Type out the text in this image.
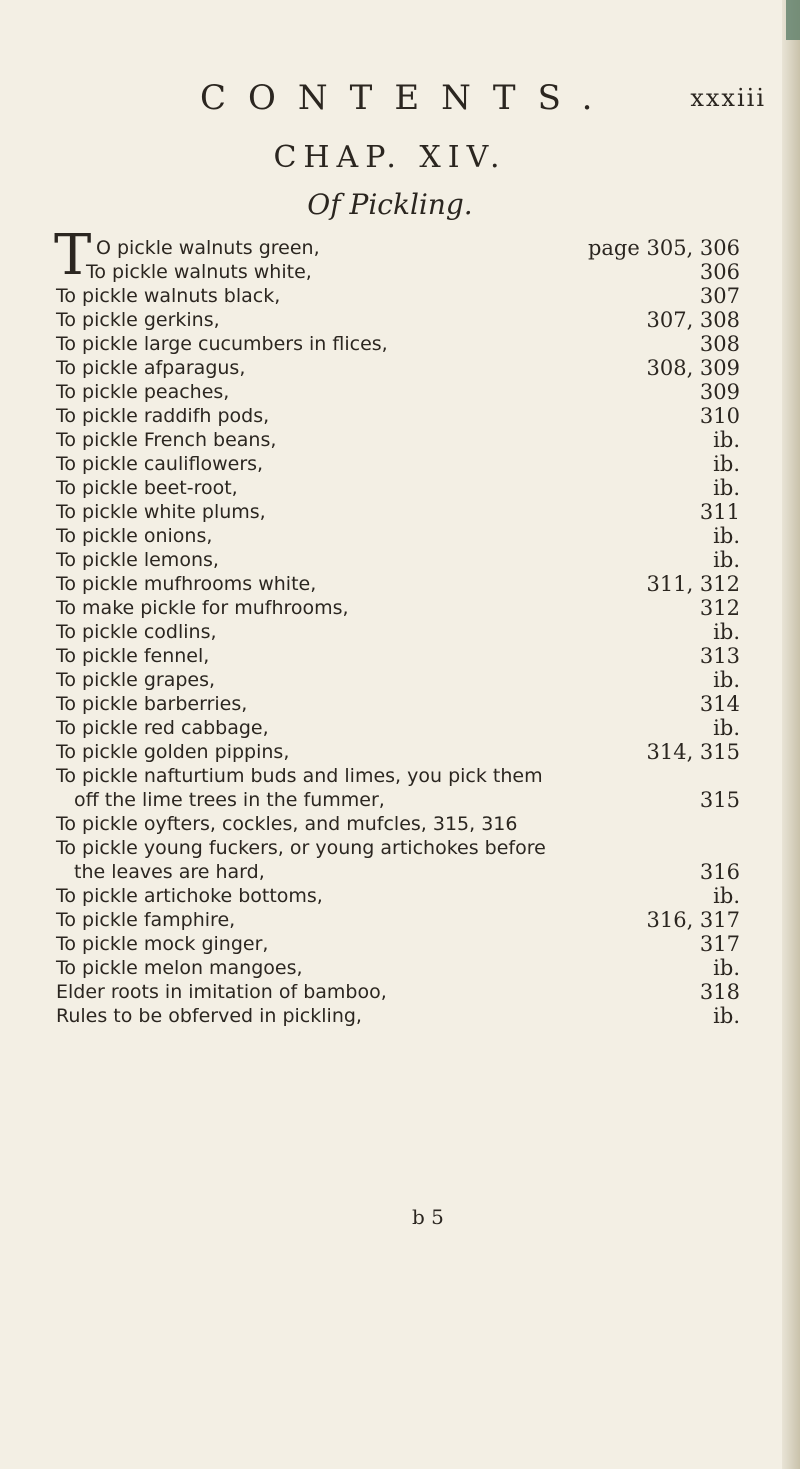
CONTENTS.	xxxiii
CHAP. XIV.
Of Pickling.
T O pickle walnuts green,	page 305, 306
To pickle walnuts white,	306
To pickle walnuts black,	307
To pickle gerkins,	307, 308
To pickle large cucumbers in flices,	308
To pickle afparagus,	308, 309
To pickle peaches,	309
To pickle raddifh pods,	310
To pickle French beans,	ib.
To pickle cauliflowers,	ib.
To pickle beet-root,	ib.
To pickle white plums,	311
To pickle onions,	ib.
To pickle lemons,	ib.
To pickle mufhrooms white,	311, 312
To make pickle for mufhrooms,	312
To pickle codlins,	ib.
To pickle fennel,	313
To pickle grapes,	ib.
To pickle barberries,	314
To pickle red cabbage,	ib.
To pickle golden pippins,	314, 315
To pickle nafturtium buds and limes, you pick them
off the lime trees in the fummer,	315
To pickle oyfters, cockles, and mufcles, 315, 316
To pickle young fuckers, or young artichokes before
the leaves are hard,	316
To pickle artichoke bottoms,	ib.
To pickle famphire,	316, 317
To pickle mock ginger,	317
To pickle melon mangoes,	ib.
Elder roots in imitation of bamboo,	318
Rules to be obferved in pickling,	ib.
b 5
